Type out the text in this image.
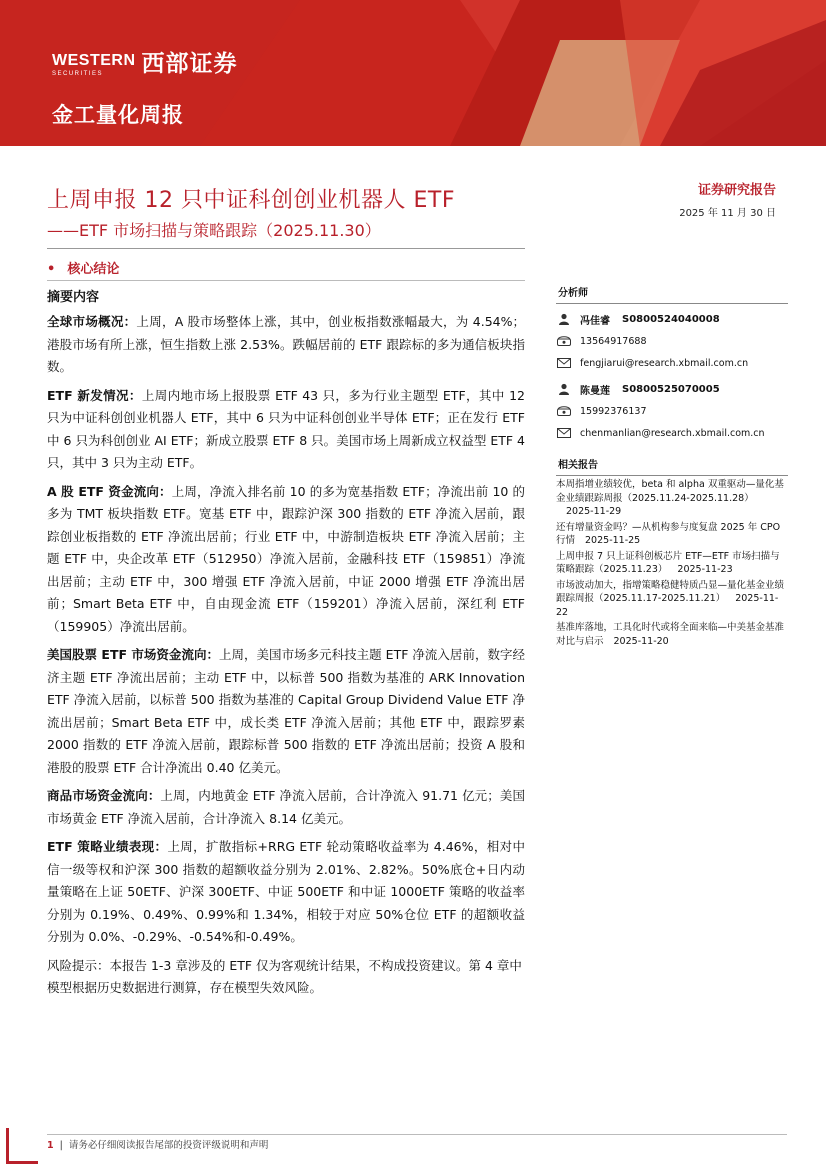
WESTERN
SECURITIES	西部证券
金工量化周报
上周申报 12 只中证科创创业机器人 ETF
——ETF 市场扫描与策略跟踪（2025.11.30）
证券研究报告
2025 年 11 月 30 日
• 核心结论
摘要内容

全球市场概况：上周，A 股市场整体上涨，其中，创业板指数涨幅最大，为 4.54%；港股市场有所上涨，恒生指数上涨 2.53%。跌幅居前的 ETF 跟踪标的多为通信板块指数。

ETF 新发情况：上周内地市场上报股票 ETF 43 只，多为行业主题型 ETF，其中 12 只为中证科创创业机器人 ETF，其中 6 只为中证科创创业半导体 ETF；正在发行 ETF 中 6 只为科创创业 AI ETF；新成立股票 ETF 8 只。美国市场上周新成立权益型 ETF 4 只，其中 3 只为主动 ETF。

A 股 ETF 资金流向：上周，净流入排名前 10 的多为宽基指数 ETF；净流出前 10 的多为 TMT 板块指数 ETF。宽基 ETF 中，跟踪沪深 300 指数的 ETF 净流入居前，跟踪创业板指数的 ETF 净流出居前；行业 ETF 中，中游制造板块 ETF 净流入居前；主题 ETF 中，央企改革 ETF（512950）净流入居前，金融科技 ETF（159851）净流出居前；主动 ETF 中，300 增强 ETF 净流入居前，中证 2000 增强 ETF 净流出居前；Smart Beta ETF 中，自由现金流 ETF（159201）净流入居前，深红利 ETF（159905）净流出居前。

美国股票 ETF 市场资金流向：上周，美国市场多元科技主题 ETF 净流入居前，数字经济主题 ETF 净流出居前；主动 ETF 中，以标普 500 指数为基准的 ARK Innovation ETF 净流入居前，以标普 500 指数为基准的 Capital Group Dividend Value ETF 净流出居前；Smart Beta ETF 中，成长类 ETF 净流入居前；其他 ETF 中，跟踪罗素 2000 指数的 ETF 净流入居前，跟踪标普 500 指数的 ETF 净流出居前；投资 A 股和港股的股票 ETF 合计净流出 0.40 亿美元。

商品市场资金流向：上周，内地黄金 ETF 净流入居前，合计净流入 91.71 亿元；美国市场黄金 ETF 净流入居前，合计净流入 8.14 亿美元。

ETF 策略业绩表现：上周，扩散指标+RRG ETF 轮动策略收益率为 4.46%，相对中信一级等权和沪深 300 指数的超额收益分别为 2.01%、2.82%。50%底仓+日内动量策略在上证 50ETF、沪深 300ETF、中证 500ETF 和中证 1000ETF 策略的收益率分别为 0.19%、0.49%、0.99%和 1.34%，相较于对应 50%仓位 ETF 的超额收益分别为 0.0%、-0.29%、-0.54%和-0.49%。

风险提示：本报告 1-3 章涉及的 ETF 仅为客观统计结果，不构成投资建议。第 4 章中模型根据历史数据进行测算，存在模型失效风险。

分析师
冯佳睿 S0800524040008
13564917688
fengjiarui@research.xbmail.com.cn
陈曼莲 S0800525070005
15992376137
chenmanlian@research.xbmail.com.cn
相关报告

本周指增业绩较优，beta 和 alpha 双重驱动—量化基金业绩跟踪周报（2025.11.24-2025.11.28）2025-11-29

还有增量资金吗？—从机构参与度复盘 2025 年 CPO 行情 2025-11-25

上周申报 7 只上证科创板芯片 ETF—ETF 市场扫描与策略跟踪（2025.11.23） 2025-11-23

市场波动加大，指增策略稳健特质凸显—量化基金业绩跟踪周报（2025.11.17-2025.11.21） 2025-11-22

基准库落地，工具化时代或将全面来临—中美基金基准对比与启示 2025-11-20

1 |  请务必仔细阅读报告尾部的投资评级说明和声明
